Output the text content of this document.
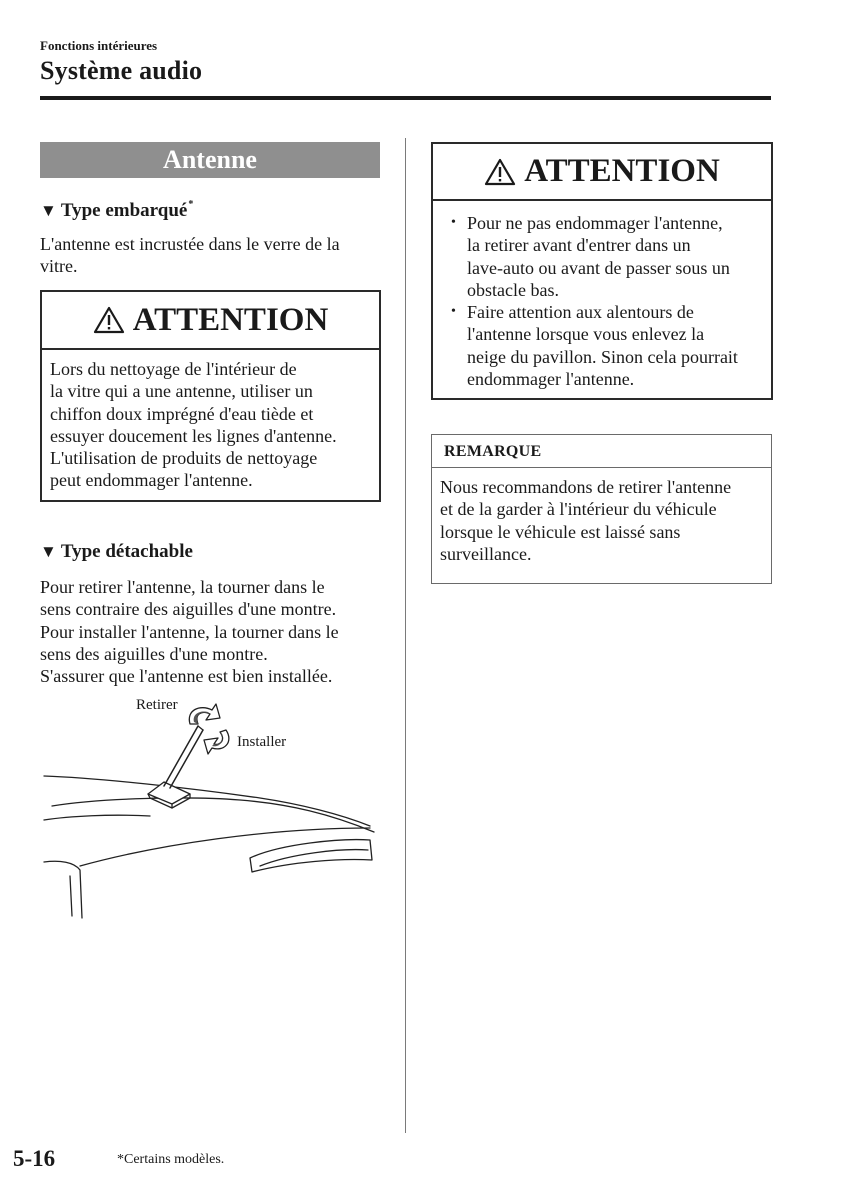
Fonctions intérieures
Système audio
Antenne
▼ Type embarqué*
L'antenne est incrustée dans le verre de la
vitre.
ATTENTION
Lors du nettoyage de l'intérieur de
la vitre qui a une antenne, utiliser un
chiffon doux imprégné d'eau tiède et
essuyer doucement les lignes d'antenne.
L'utilisation de produits de nettoyage
peut endommager l'antenne.
▼ Type détachable
Pour retirer l'antenne, la tourner dans le
sens contraire des aiguilles d'une montre.
Pour installer l'antenne, la tourner dans le
sens des aiguilles d'une montre.
S'assurer que l'antenne est bien installée.
Retirer
Installer
ATTENTION
• Pour ne pas endommager l'antenne,
la retirer avant d'entrer dans un
lave-auto ou avant de passer sous un
obstacle bas.
• Faire attention aux alentours de
l'antenne lorsque vous enlevez la
neige du pavillon. Sinon cela pourrait
endommager l'antenne.
REMARQUE
Nous recommandons de retirer l'antenne
et de la garder à l'intérieur du véhicule
lorsque le véhicule est laissé sans
surveillance.
5-16	*Certains modèles.
